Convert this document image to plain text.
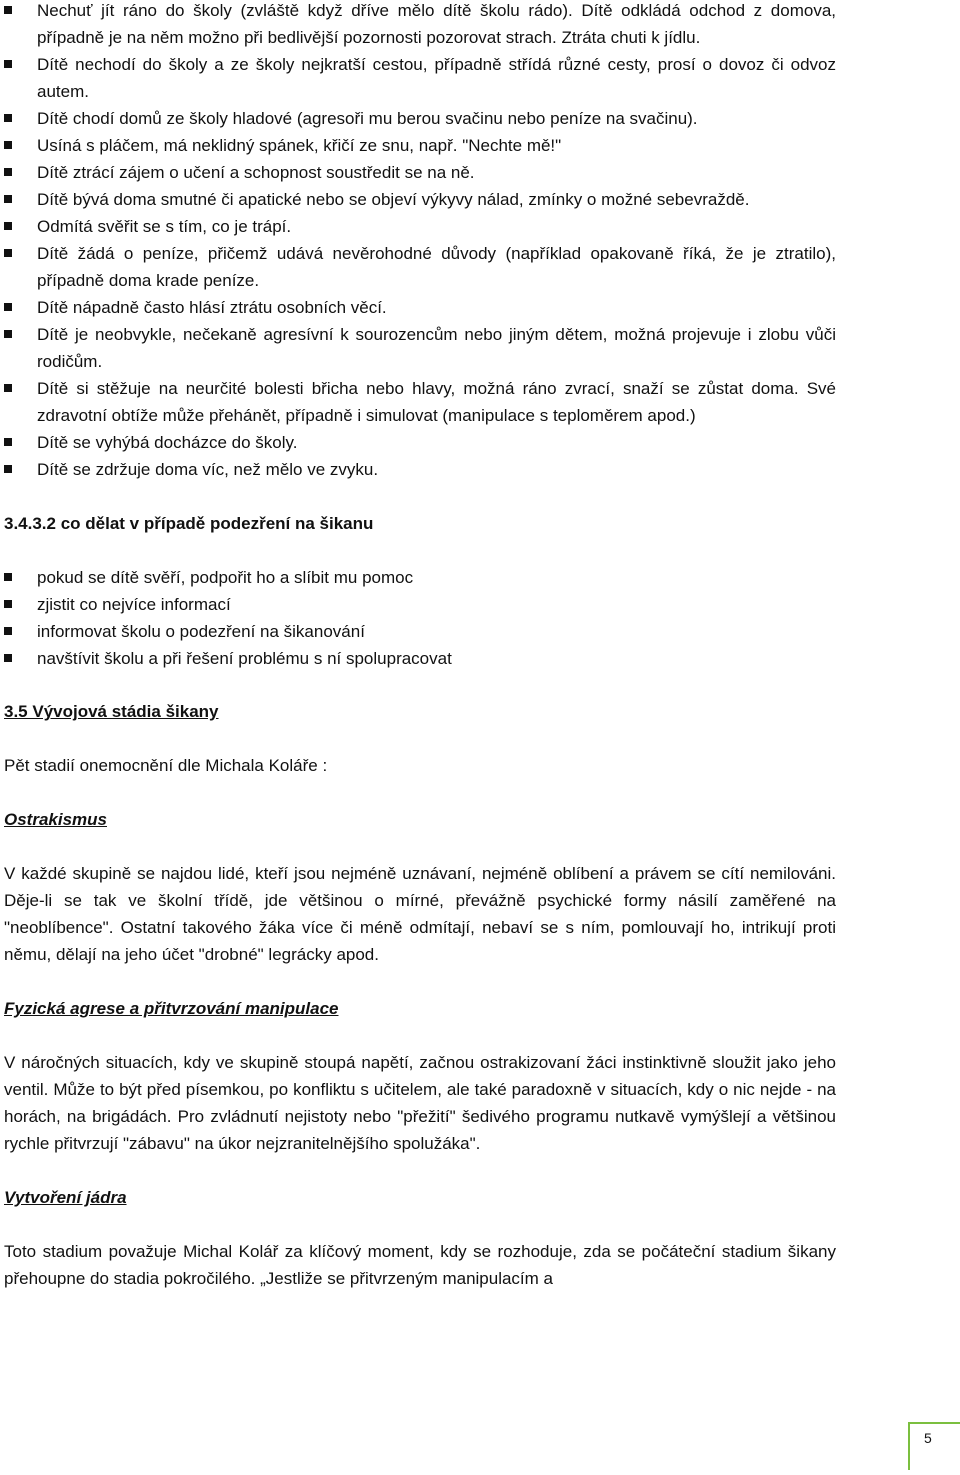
Nechuť jít ráno do školy (zvláště když dříve mělo dítě školu rádo). Dítě odkládá odchod z domova, případně je na něm možno při bedlivější pozornosti pozorovat strach. Ztráta chuti k jídlu.
Dítě nechodí do školy a ze školy nejkratší cestou, případně střídá různé cesty, prosí o dovoz či odvoz autem.
Dítě chodí domů ze školy hladové (agresoři mu berou svačinu nebo peníze na svačinu).
Usíná s pláčem, má neklidný spánek, křičí ze snu, např. "Nechte mě!"
Dítě ztrácí zájem o učení a schopnost soustředit se na ně.
Dítě bývá doma smutné či apatické nebo se objeví výkyvy nálad, zmínky o možné sebevraždě.
Odmítá svěřit se s tím, co je trápí.
Dítě žádá o peníze, přičemž udává nevěrohodné důvody (například opakovaně říká, že je ztratilo), případně doma krade peníze.
Dítě nápadně často hlásí ztrátu osobních věcí.
Dítě je neobvykle, nečekaně agresívní k sourozencům nebo jiným dětem, možná projevuje i zlobu vůči rodičům.
Dítě si stěžuje na neurčité bolesti břicha nebo hlavy, možná ráno zvrací, snaží se zůstat doma. Své zdravotní obtíže může přehánět, případně i simulovat (manipulace s teploměrem apod.)
Dítě se vyhýbá docházce do školy.
Dítě se zdržuje doma víc, než mělo ve zvyku.
3.4.3.2 co dělat v případě podezření na šikanu
pokud se dítě svěří, podpořit ho a slíbit mu pomoc
zjistit co nejvíce informací
informovat školu o podezření na šikanování
navštívit školu a při řešení problému s ní spolupracovat
3.5 Vývojová stádia šikany

Pět stadií onemocnění dle Michala Koláře :

Ostrakismus

V každé skupině se najdou lidé, kteří jsou nejméně uznávaní, nejméně oblíbení a právem se cítí nemilováni. Děje-li se tak ve školní třídě, jde většinou o mírné, převážně psychické formy násilí zaměřené na "neoblíbence". Ostatní takového žáka více či méně odmítají, nebaví se s ním, pomlouvají ho, intrikují proti němu, dělají na jeho účet "drobné" legrácky apod.

Fyzická agrese a přitvrzování manipulace

V náročných situacích, kdy ve skupině stoupá napětí, začnou ostrakizovaní žáci instinktivně sloužit jako jeho ventil. Může to být před písemkou, po konfliktu s učitelem, ale také paradoxně v situacích, kdy o nic nejde - na horách, na brigádách. Pro zvládnutí nejistoty nebo "přežití" šedivého programu nutkavě vymýšlejí a většinou rychle přitvrzují "zábavu" na úkor nejzranitelnějšího spolužáka".

Vytvoření jádra

Toto stadium považuje Michal Kolář za klíčový moment, kdy se rozhoduje, zda se počáteční stadium šikany přehoupne do stadia pokročilého. „Jestliže se přitvrzeným manipulacím a

5
